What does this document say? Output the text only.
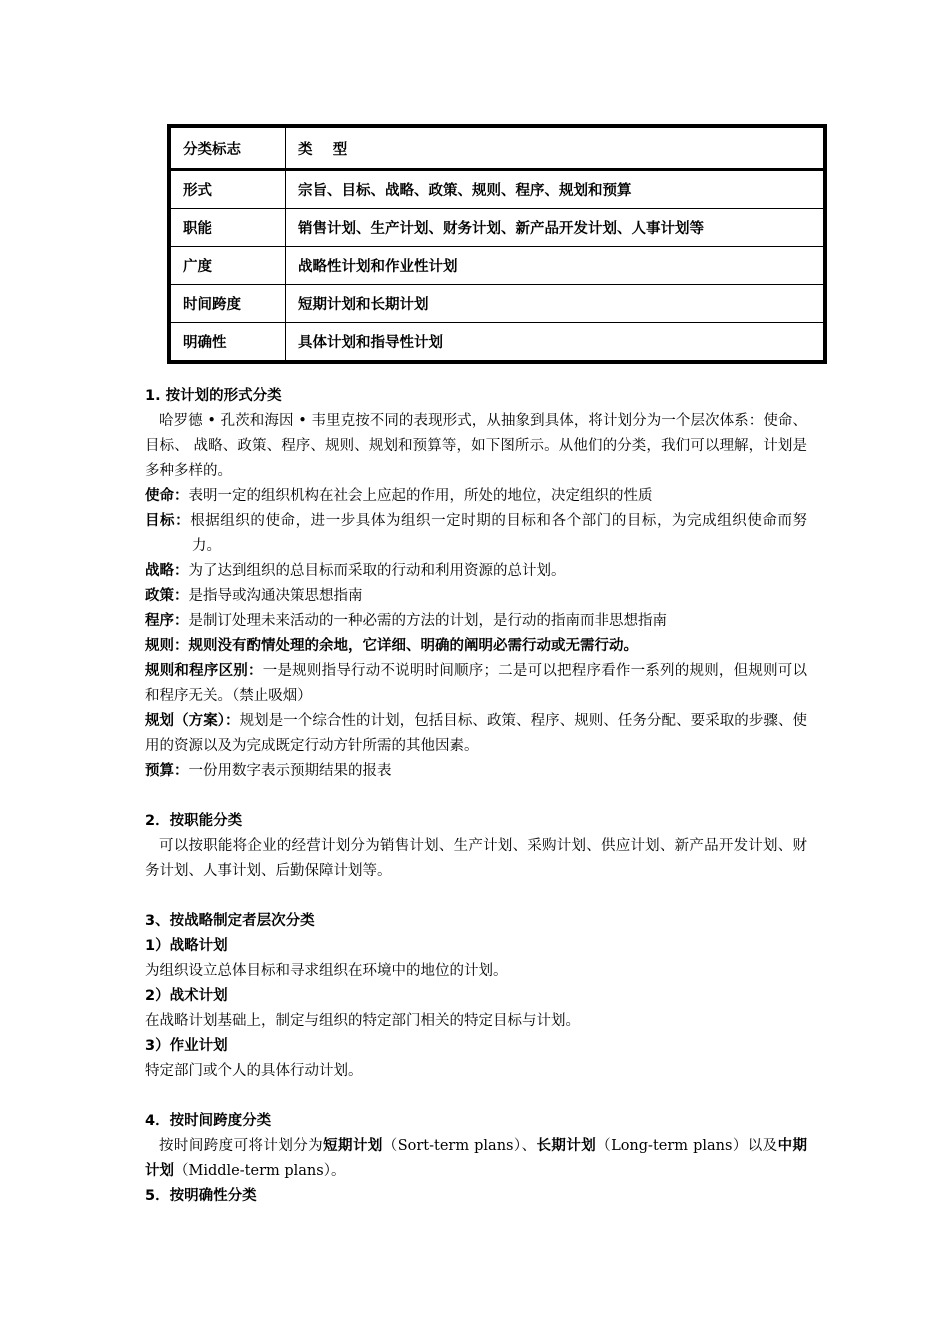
分类标志	类    型
形式	宗旨、目标、战略、政策、规则、程序、规划和预算
职能	销售计划、生产计划、财务计划、新产品开发计划、人事计划等
广度	战略性计划和作业性计划
时间跨度	短期计划和长期计划
明确性	具体计划和指导性计划

1. 按计划的形式分类

哈罗德 • 孔茨和海因 • 韦里克按不同的表现形式，从抽象到具体，将计划分为一个层次体系：使命、目标、 战略、政策、程序、规则、规划和预算等，如下图所示。从他们的分类，我们可以理解，计划是多种多样的。

使命：表明一定的组织机构在社会上应起的作用，所处的地位，决定组织的性质

目标：根据组织的使命，进一步具体为组织一定时期的目标和各个部门的目标，为完成组织使命而努力。

战略：为了达到组织的总目标而采取的行动和利用资源的总计划。

政策：是指导或沟通决策思想指南

程序：是制订处理未来活动的一种必需的方法的计划，是行动的指南而非思想指南

规则：规则没有酌情处理的余地，它详细、明确的阐明必需行动或无需行动。

规则和程序区别：一是规则指导行动不说明时间顺序；二是可以把程序看作一系列的规则，但规则可以和程序无关。（禁止吸烟）

规划（方案）：规划是一个综合性的计划，包括目标、政策、程序、规则、任务分配、要采取的步骤、使用的资源以及为完成既定行动方针所需的其他因素。

预算：一份用数字表示预期结果的报表

2．按职能分类

可以按职能将企业的经营计划分为销售计划、生产计划、采购计划、供应计划、新产品开发计划、财务计划、人事计划、后勤保障计划等。

3、按战略制定者层次分类

1）战略计划

为组织设立总体目标和寻求组织在环境中的地位的计划。

2）战术计划

在战略计划基础上，制定与组织的特定部门相关的特定目标与计划。

3）作业计划

特定部门或个人的具体行动计划。

4．按时间跨度分类

按时间跨度可将计划分为短期计划（Sort-term plans）、长期计划（Long-term plans）以及中期计划（Middle-term plans）。

5．按明确性分类
